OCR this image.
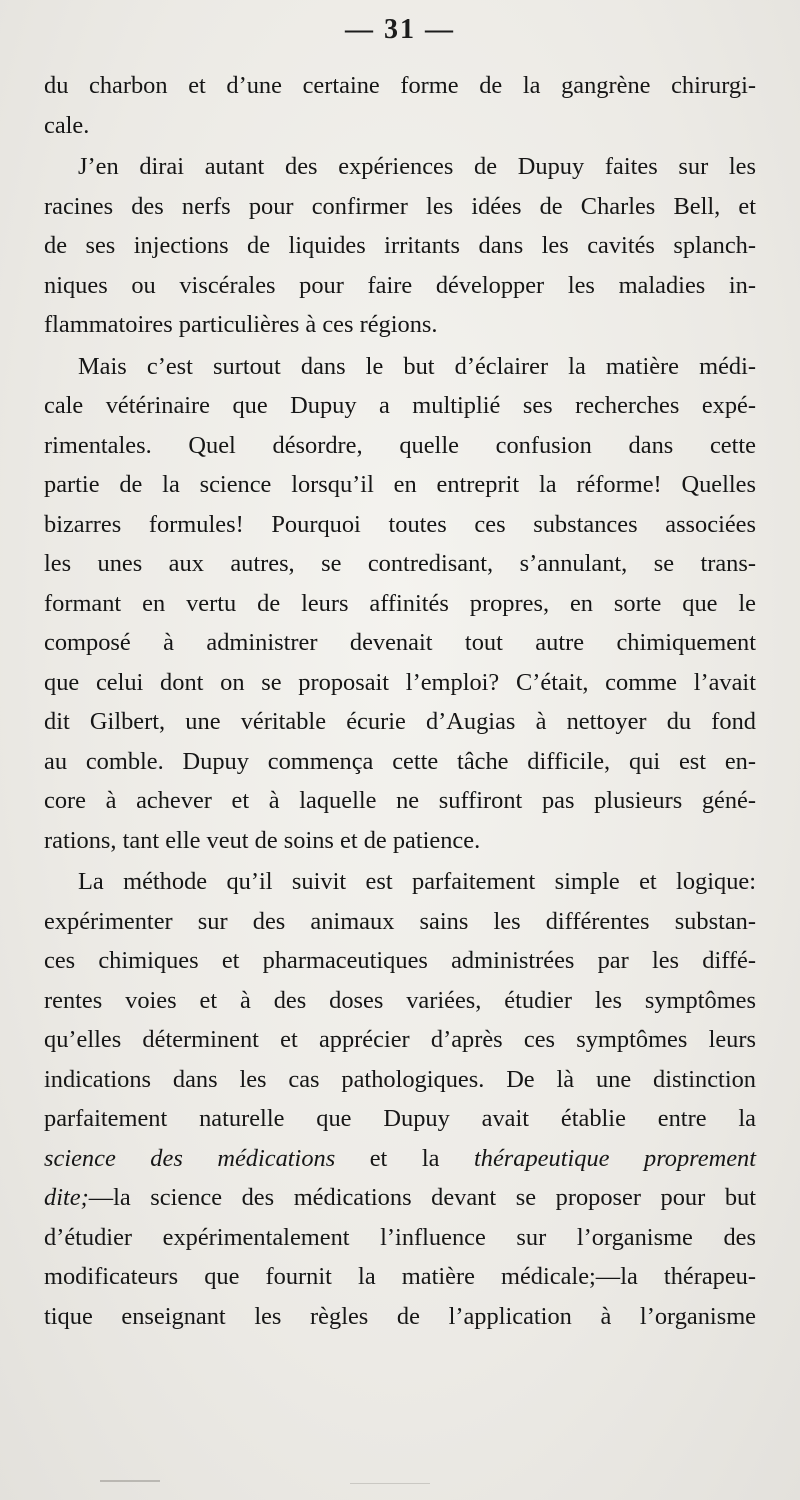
— 31 —
du charbon et d’une certaine forme de la gangrène chirurgi-
cale.
J’en dirai autant des expériences de Dupuy faites sur les
racines des nerfs pour confirmer les idées de Charles Bell, et
de ses injections de liquides irritants dans les cavités splanch-
niques ou viscérales pour faire développer les maladies in-
flammatoires particulières à ces régions.
Mais c’est surtout dans le but d’éclairer la matière médi-
cale vétérinaire que Dupuy a multiplié ses recherches expé-
rimentales. Quel désordre, quelle confusion dans cette
partie de la science lorsqu’il en entreprit la réforme! Quelles
bizarres formules! Pourquoi toutes ces substances associées
les unes aux autres, se contredisant, s’annulant, se trans-
formant en vertu de leurs affinités propres, en sorte que le
composé à administrer devenait tout autre chimiquement
que celui dont on se proposait l’emploi? C’était, comme l’avait
dit Gilbert, une véritable écurie d’Augias à nettoyer du fond
au comble. Dupuy commença cette tâche difficile, qui est en-
core à achever et à laquelle ne suffiront pas plusieurs géné-
rations, tant elle veut de soins et de patience.
La méthode qu’il suivit est parfaitement simple et logique:
expérimenter sur des animaux sains les différentes substan-
ces chimiques et pharmaceutiques administrées par les diffé-
rentes voies et à des doses variées, étudier les symptômes
qu’elles déterminent et apprécier d’après ces symptômes leurs
indications dans les cas pathologiques. De là une distinction
parfaitement naturelle que Dupuy avait établie entre la
science des médications et la thérapeutique proprement
dite;—la science des médications devant se proposer pour but
d’étudier expérimentalement l’influence sur l’organisme des
modificateurs que fournit la matière médicale;—la thérapeu-
tique enseignant les règles de l’application à l’organisme
